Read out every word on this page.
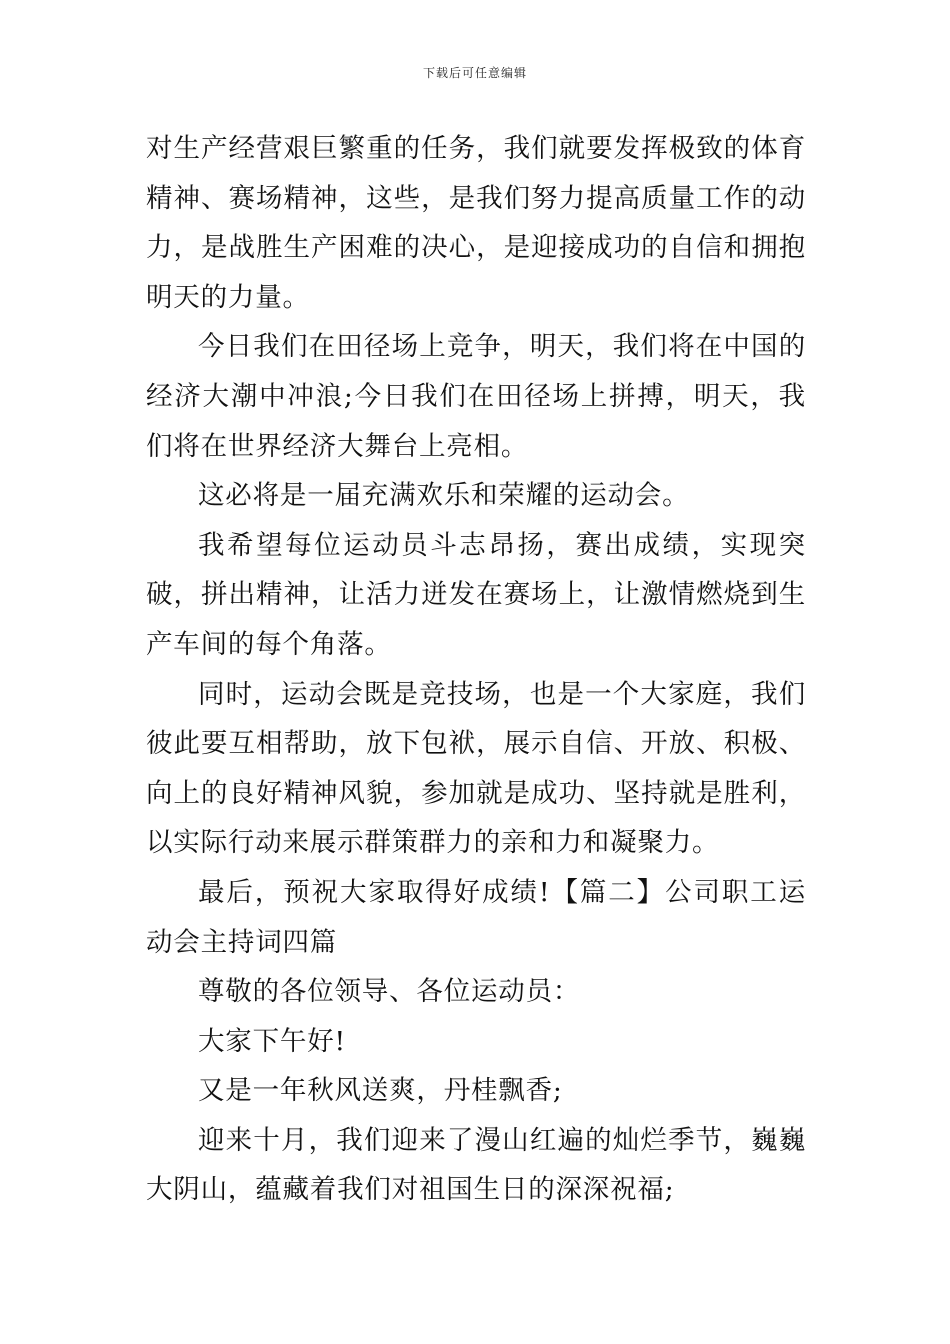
下载后可任意编辑

对生产经营艰巨繁重的任务，我们就要发挥极致的体育精神、赛场精神，这些，是我们努力提高质量工作的动力，是战胜生产困难的决心，是迎接成功的自信和拥抱明天的力量。

今日我们在田径场上竞争，明天，我们将在中国的经济大潮中冲浪;今日我们在田径场上拼搏，明天，我们将在世界经济大舞台上亮相。

这必将是一届充满欢乐和荣耀的运动会。

我希望每位运动员斗志昂扬，赛出成绩，实现突破，拼出精神，让活力迸发在赛场上，让激情燃烧到生产车间的每个角落。

同时，运动会既是竞技场，也是一个大家庭，我们彼此要互相帮助，放下包袱，展示自信、开放、积极、向上的良好精神风貌，参加就是成功、坚持就是胜利，以实际行动来展示群策群力的亲和力和凝聚力。

最后，预祝大家取得好成绩!【篇二】公司职工运动会主持词四篇

尊敬的各位领导、各位运动员：

大家下午好!

又是一年秋风送爽，丹桂飘香;

迎来十月，我们迎来了漫山红遍的灿烂季节，巍巍大阴山，蕴藏着我们对祖国生日的深深祝福;
